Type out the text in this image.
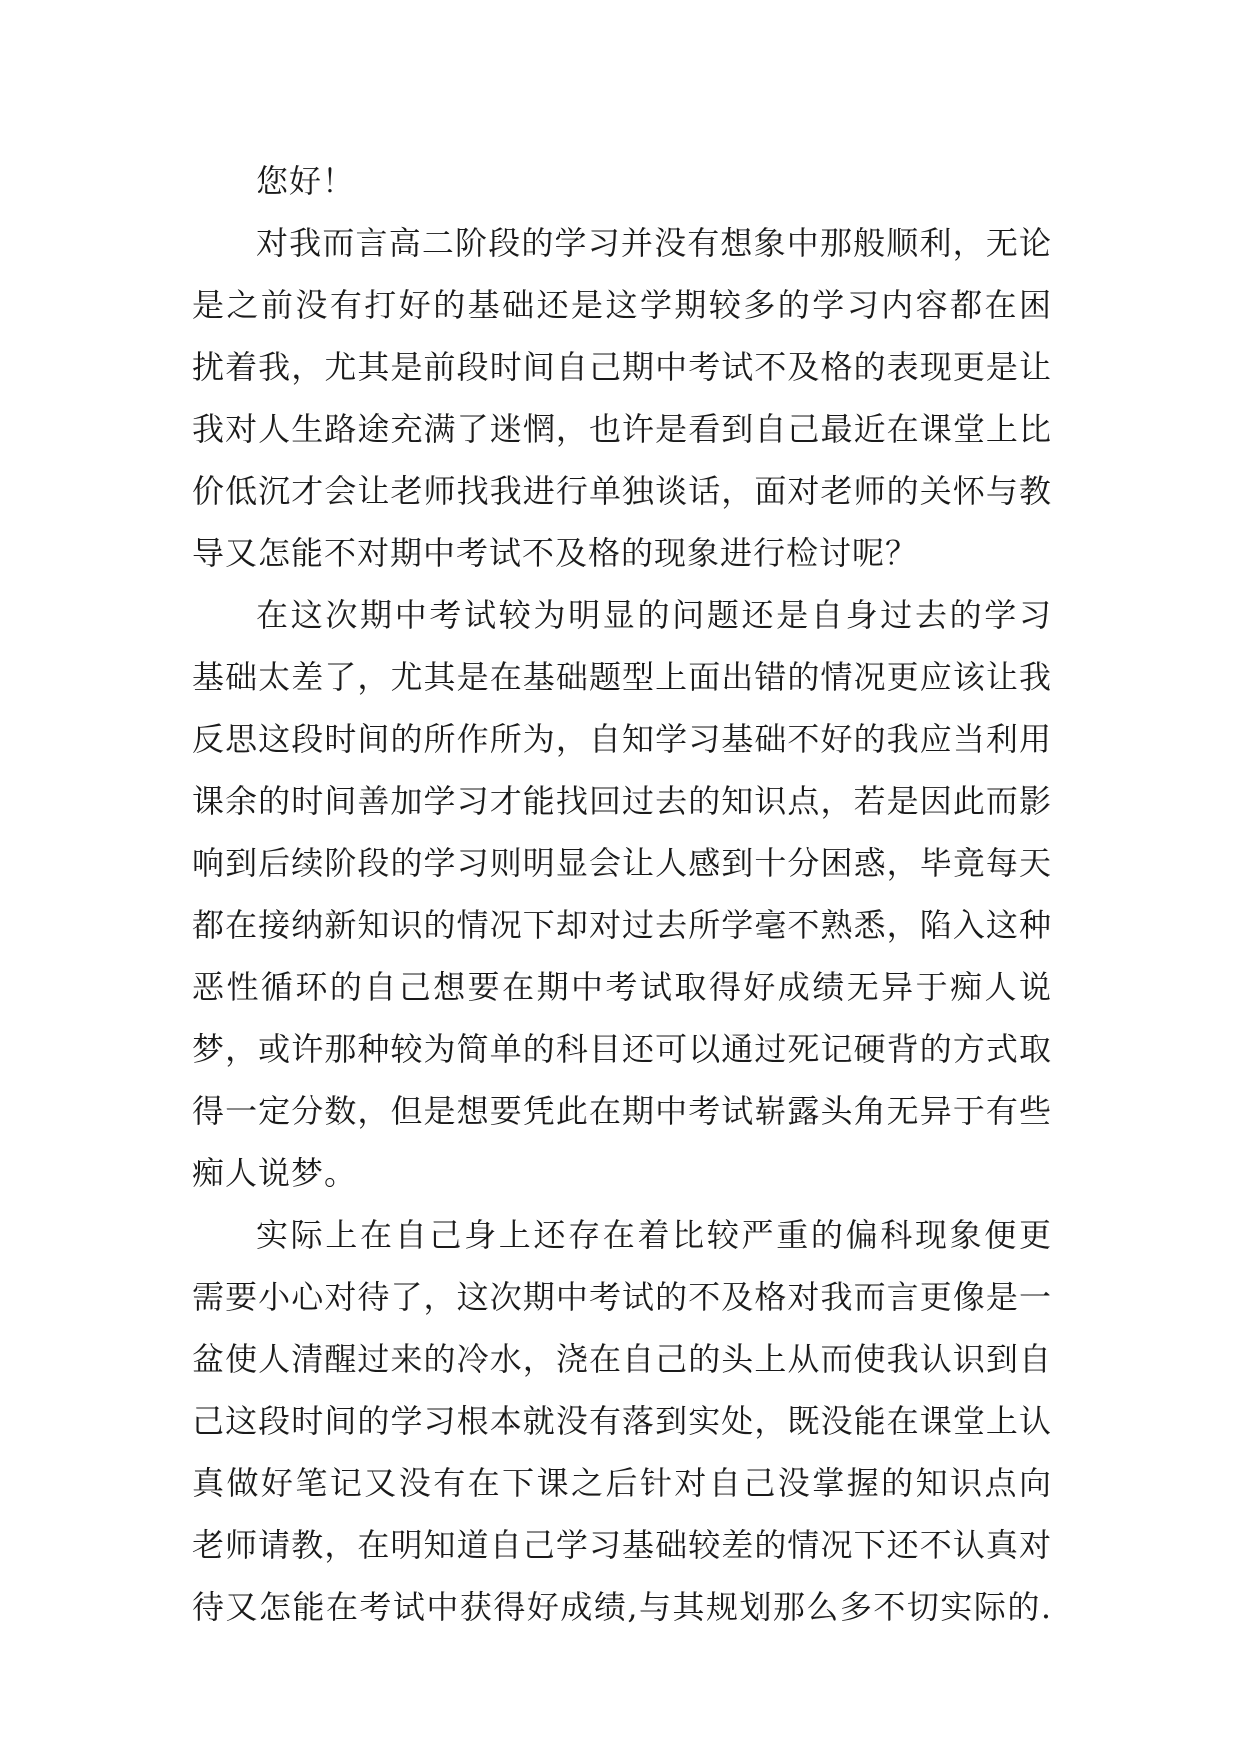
您好！
对我而言高二阶段的学习并没有想象中那般顺利，无论
是之前没有打好的基础还是这学期较多的学习内容都在困
扰着我，尤其是前段时间自己期中考试不及格的表现更是让
我对人生路途充满了迷惘，也许是看到自己最近在课堂上比
价低沉才会让老师找我进行单独谈话，面对老师的关怀与教
导又怎能不对期中考试不及格的现象进行检讨呢？
在这次期中考试较为明显的问题还是自身过去的学习
基础太差了，尤其是在基础题型上面出错的情况更应该让我
反思这段时间的所作所为，自知学习基础不好的我应当利用
课余的时间善加学习才能找回过去的知识点，若是因此而影
响到后续阶段的学习则明显会让人感到十分困惑，毕竟每天
都在接纳新知识的情况下却对过去所学毫不熟悉，陷入这种
恶性循环的自己想要在期中考试取得好成绩无异于痴人说
梦，或许那种较为简单的科目还可以通过死记硬背的方式取
得一定分数，但是想要凭此在期中考试崭露头角无异于有些
痴人说梦。
实际上在自己身上还存在着比较严重的偏科现象便更
需要小心对待了，这次期中考试的不及格对我而言更像是一
盆使人清醒过来的冷水，浇在自己的头上从而使我认识到自
己这段时间的学习根本就没有落到实处，既没能在课堂上认
真做好笔记又没有在下课之后针对自己没掌握的知识点向
老师请教，在明知道自己学习基础较差的情况下还不认真对
待又怎能在考试中获得好成绩,与其规划那么多不切实际的.
